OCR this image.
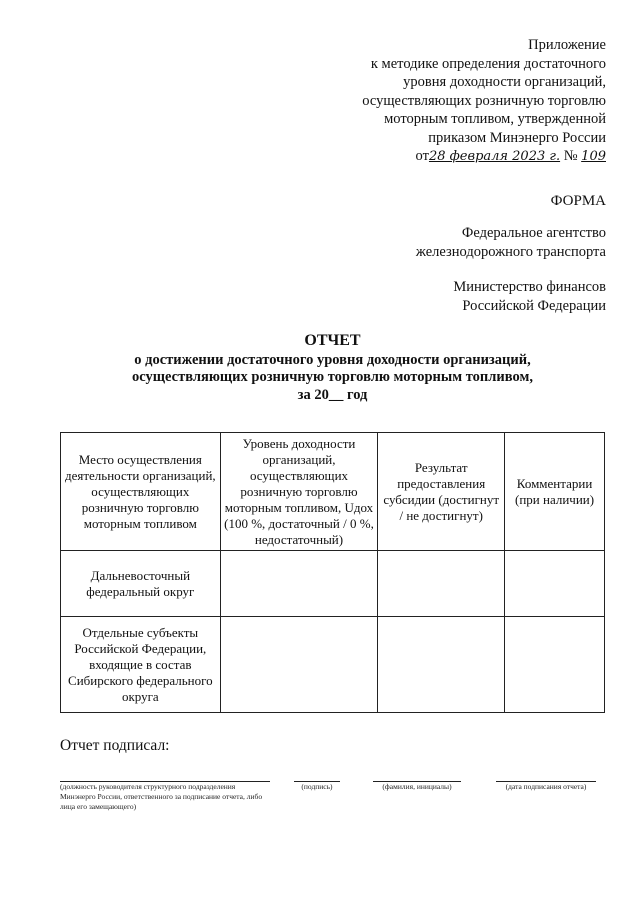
Приложение
к методике определения достаточного
уровня доходности организаций,
осуществляющих розничную торговлю
моторным топливом, утвержденной
приказом Минэнерго России
от28 февраля 2023 г. № 109
ФОРМА
Федеральное агентство
железнодорожного транспорта
Министерство финансов
Российской Федерации
ОТЧЕТ
о достижении достаточного уровня доходности организаций,
осуществляющих розничную торговлю моторным топливом,
за 20__ год
Место осуществления деятельности организаций, осуществляющих розничную торговлю моторным топливом	Уровень доходности организаций, осуществляющих розничную торговлю моторным топливом, Uдох (100 %, достаточный / 0 %, недостаточный)	Результат предоставления субсидии (достигнут / не достигнут)	Комментарии (при наличии)
Дальневосточный федеральный округ			
Отдельные субъекты Российской Федерации, входящие в состав Сибирского федерального округа			
Отчет подписал:
(должность руководителя структурного подразделения Минэнерго России, ответственного за подписание отчета, либо лица его замещающего)
(подпись)	(фамилия, инициалы)	(дата подписания отчета)
